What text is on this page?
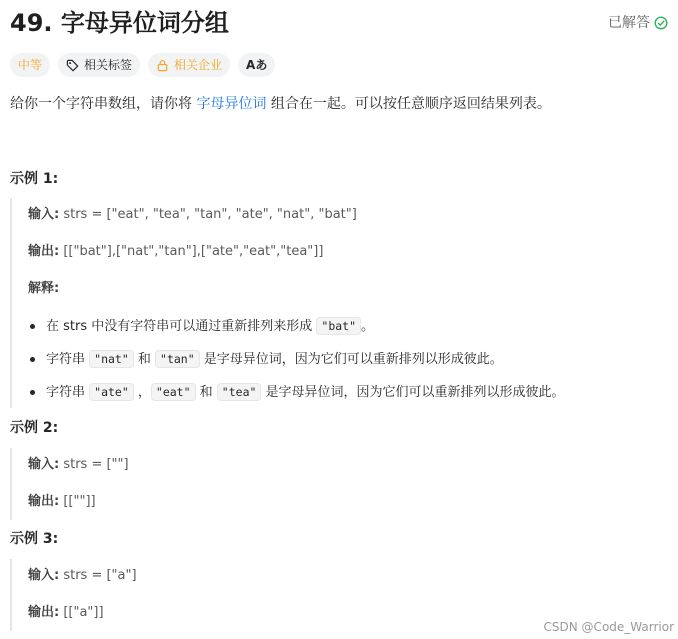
49. 字母异位词分组	已解答
中等	相关标签	相关企业 Aあ
给你一个字符串数组，请你将 字母异位词 组合在一起。可以按任意顺序返回结果列表。
示例 1:
输入: strs = ["eat", "tea", "tan", "ate", "nat", "bat"]
输出: [["bat"],["nat","tan"],["ate","eat","tea"]]
解释:
在 strs 中没有字符串可以通过重新排列来形成 "bat" 。
字符串 "nat" 和 "tan" 是字母异位词，因为它们可以重新排列以形成彼此。
字符串 "ate" ， "eat" 和 "tea" 是字母异位词，因为它们可以重新排列以形成彼此。
示例 2:
输入: strs = [""]
输出: [[""]]
示例 3:
输入: strs = ["a"]
输出: [["a"]]
CSDN @Code_Warrior
